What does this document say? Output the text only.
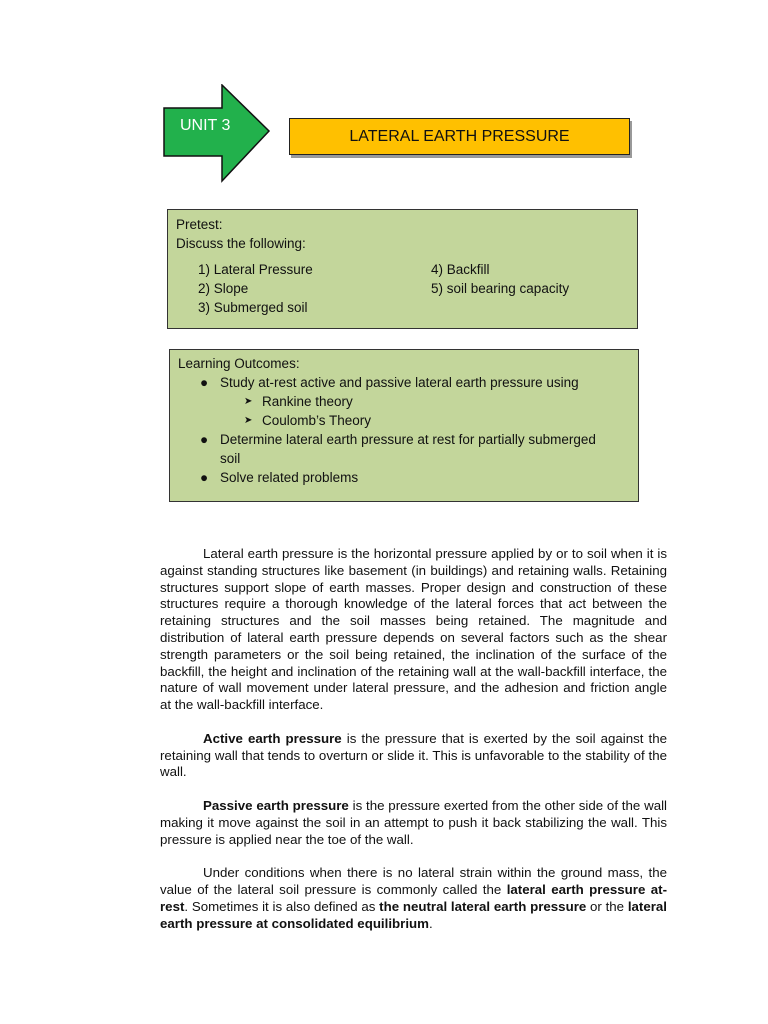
UNIT 3
LATERAL EARTH PRESSURE
Pretest:
Discuss the following:
1) Lateral Pressure
2) Slope
3) Submerged soil
4) Backfill
5) soil bearing capacity
Learning Outcomes:
● Study at-rest active and passive lateral earth pressure using
➤ Rankine theory
➤ Coulomb’s Theory
● Determine lateral earth pressure at rest for partially submerged
soil
● Solve related problems

Lateral earth pressure is the horizontal pressure applied by or to soil when it is against standing structures like basement (in buildings) and retaining walls. Retaining structures support slope of earth masses. Proper design and construction of these structures require a thorough knowledge of the lateral forces that act between the retaining structures and the soil masses being retained. The magnitude and distribution of lateral earth pressure depends on several factors such as the shear strength parameters or the soil being retained, the inclination of the surface of the backfill, the height and inclination of the retaining wall at the wall-backfill interface, the nature of wall movement under lateral pressure, and the adhesion and friction angle at the wall-backfill interface.

Active earth pressure is the pressure that is exerted by the soil against the retaining wall that tends to overturn or slide it. This is unfavorable to the stability of the wall.

Passive earth pressure is the pressure exerted from the other side of the wall making it move against the soil in an attempt to push it back stabilizing the wall. This pressure is applied near the toe of the wall.

Under conditions when there is no lateral strain within the ground mass, the value of the lateral soil pressure is commonly called the lateral earth pressure at-rest. Sometimes it is also defined as the neutral lateral earth pressure or the lateral earth pressure at consolidated equilibrium.
